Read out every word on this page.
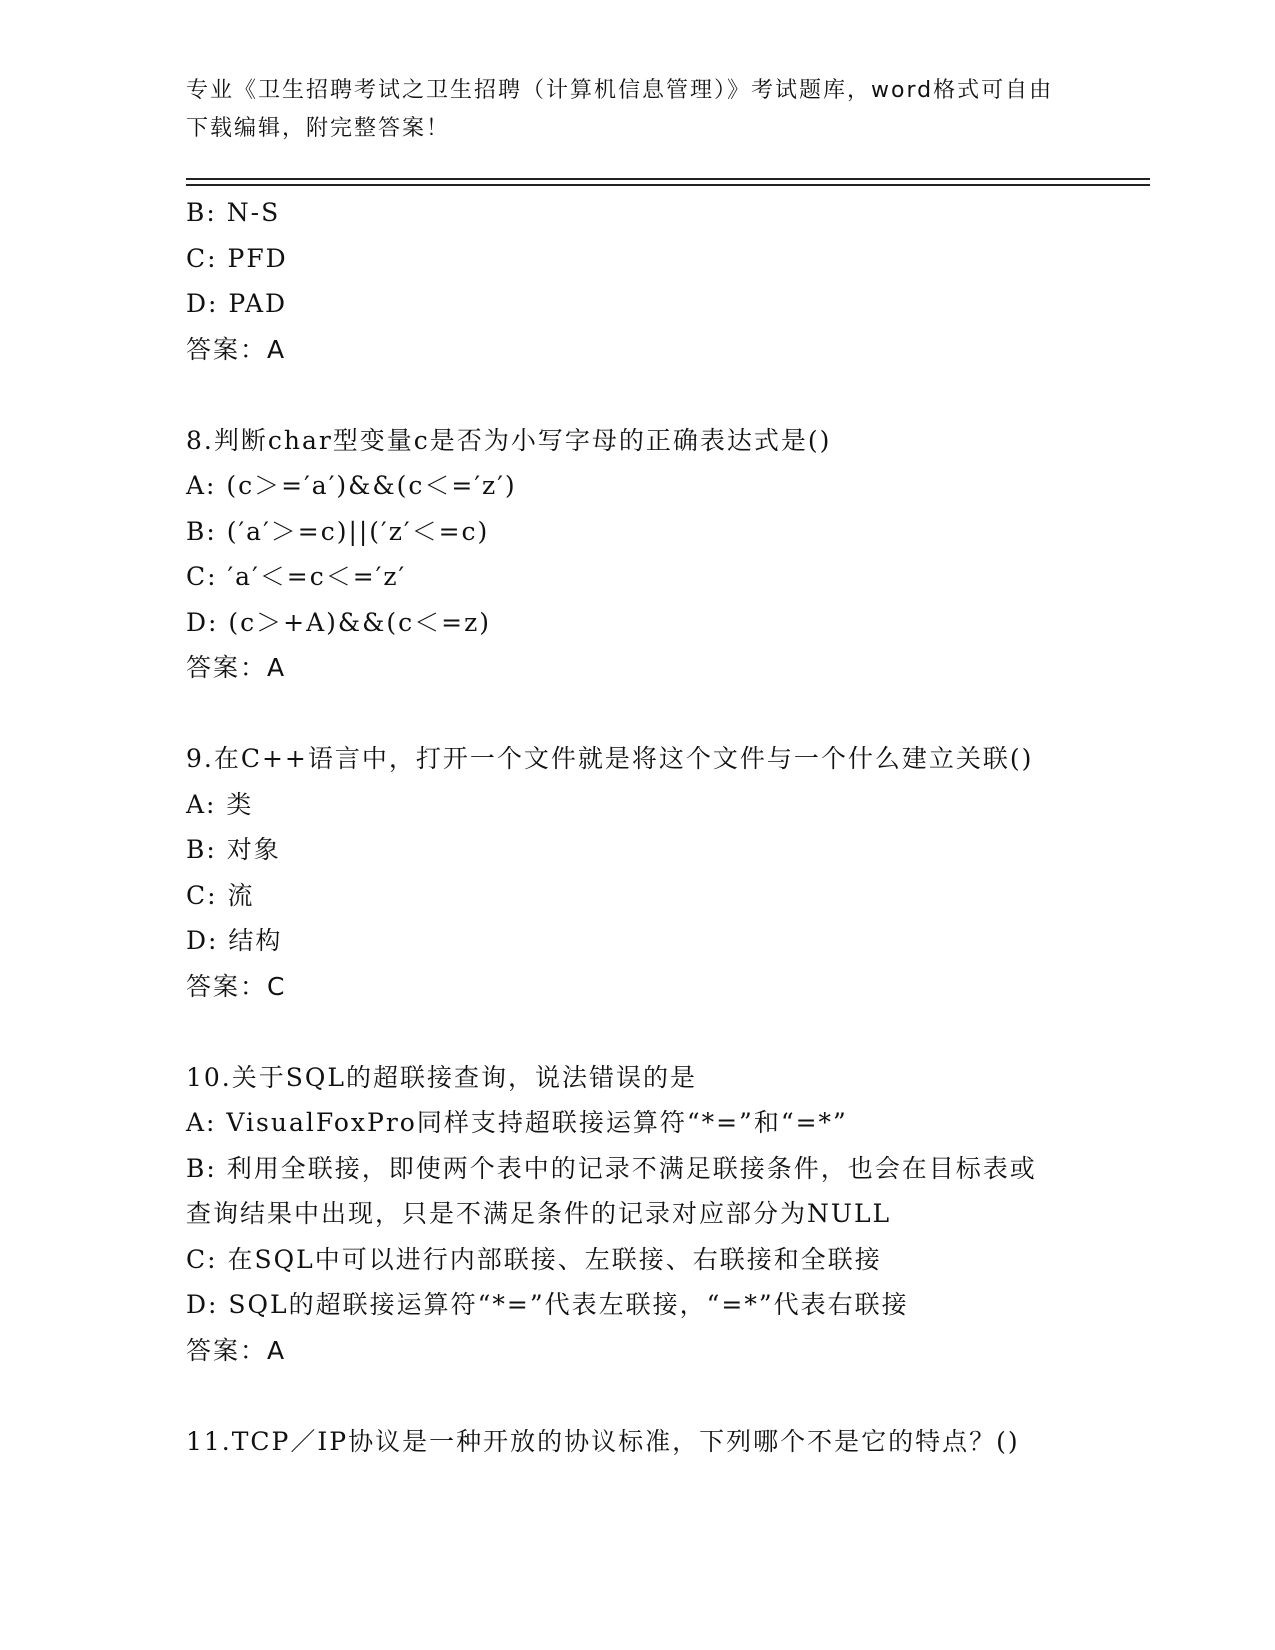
专业《卫生招聘考试之卫生招聘（计算机信息管理）》考试题库，word格式可自由下载编辑，附完整答案！
B: N-S
C: PFD
D: PAD
答案：A
8.判断char型变量c是否为小写字母的正确表达式是()
A: (c＞=′a′)&&(c＜=′z′)
B: (′a′＞=c)||(′z′＜=c)
C: ′a′＜=c＜=′z′
D: (c＞+A)&&(c＜=z)
答案：A
9.在C++语言中，打开一个文件就是将这个文件与一个什么建立关联()
A: 类
B: 对象
C: 流
D: 结构
答案：C
10.关于SQL的超联接查询，说法错误的是
A: VisualFoxPro同样支持超联接运算符“*=”和“=*”
B: 利用全联接，即使两个表中的记录不满足联接条件，也会在目标表或查询结果中出现，只是不满足条件的记录对应部分为NULL
C: 在SQL中可以进行内部联接、左联接、右联接和全联接
D: SQL的超联接运算符“*=”代表左联接，“=*”代表右联接
答案：A
11.TCP／IP协议是一种开放的协议标准，下列哪个不是它的特点？()
